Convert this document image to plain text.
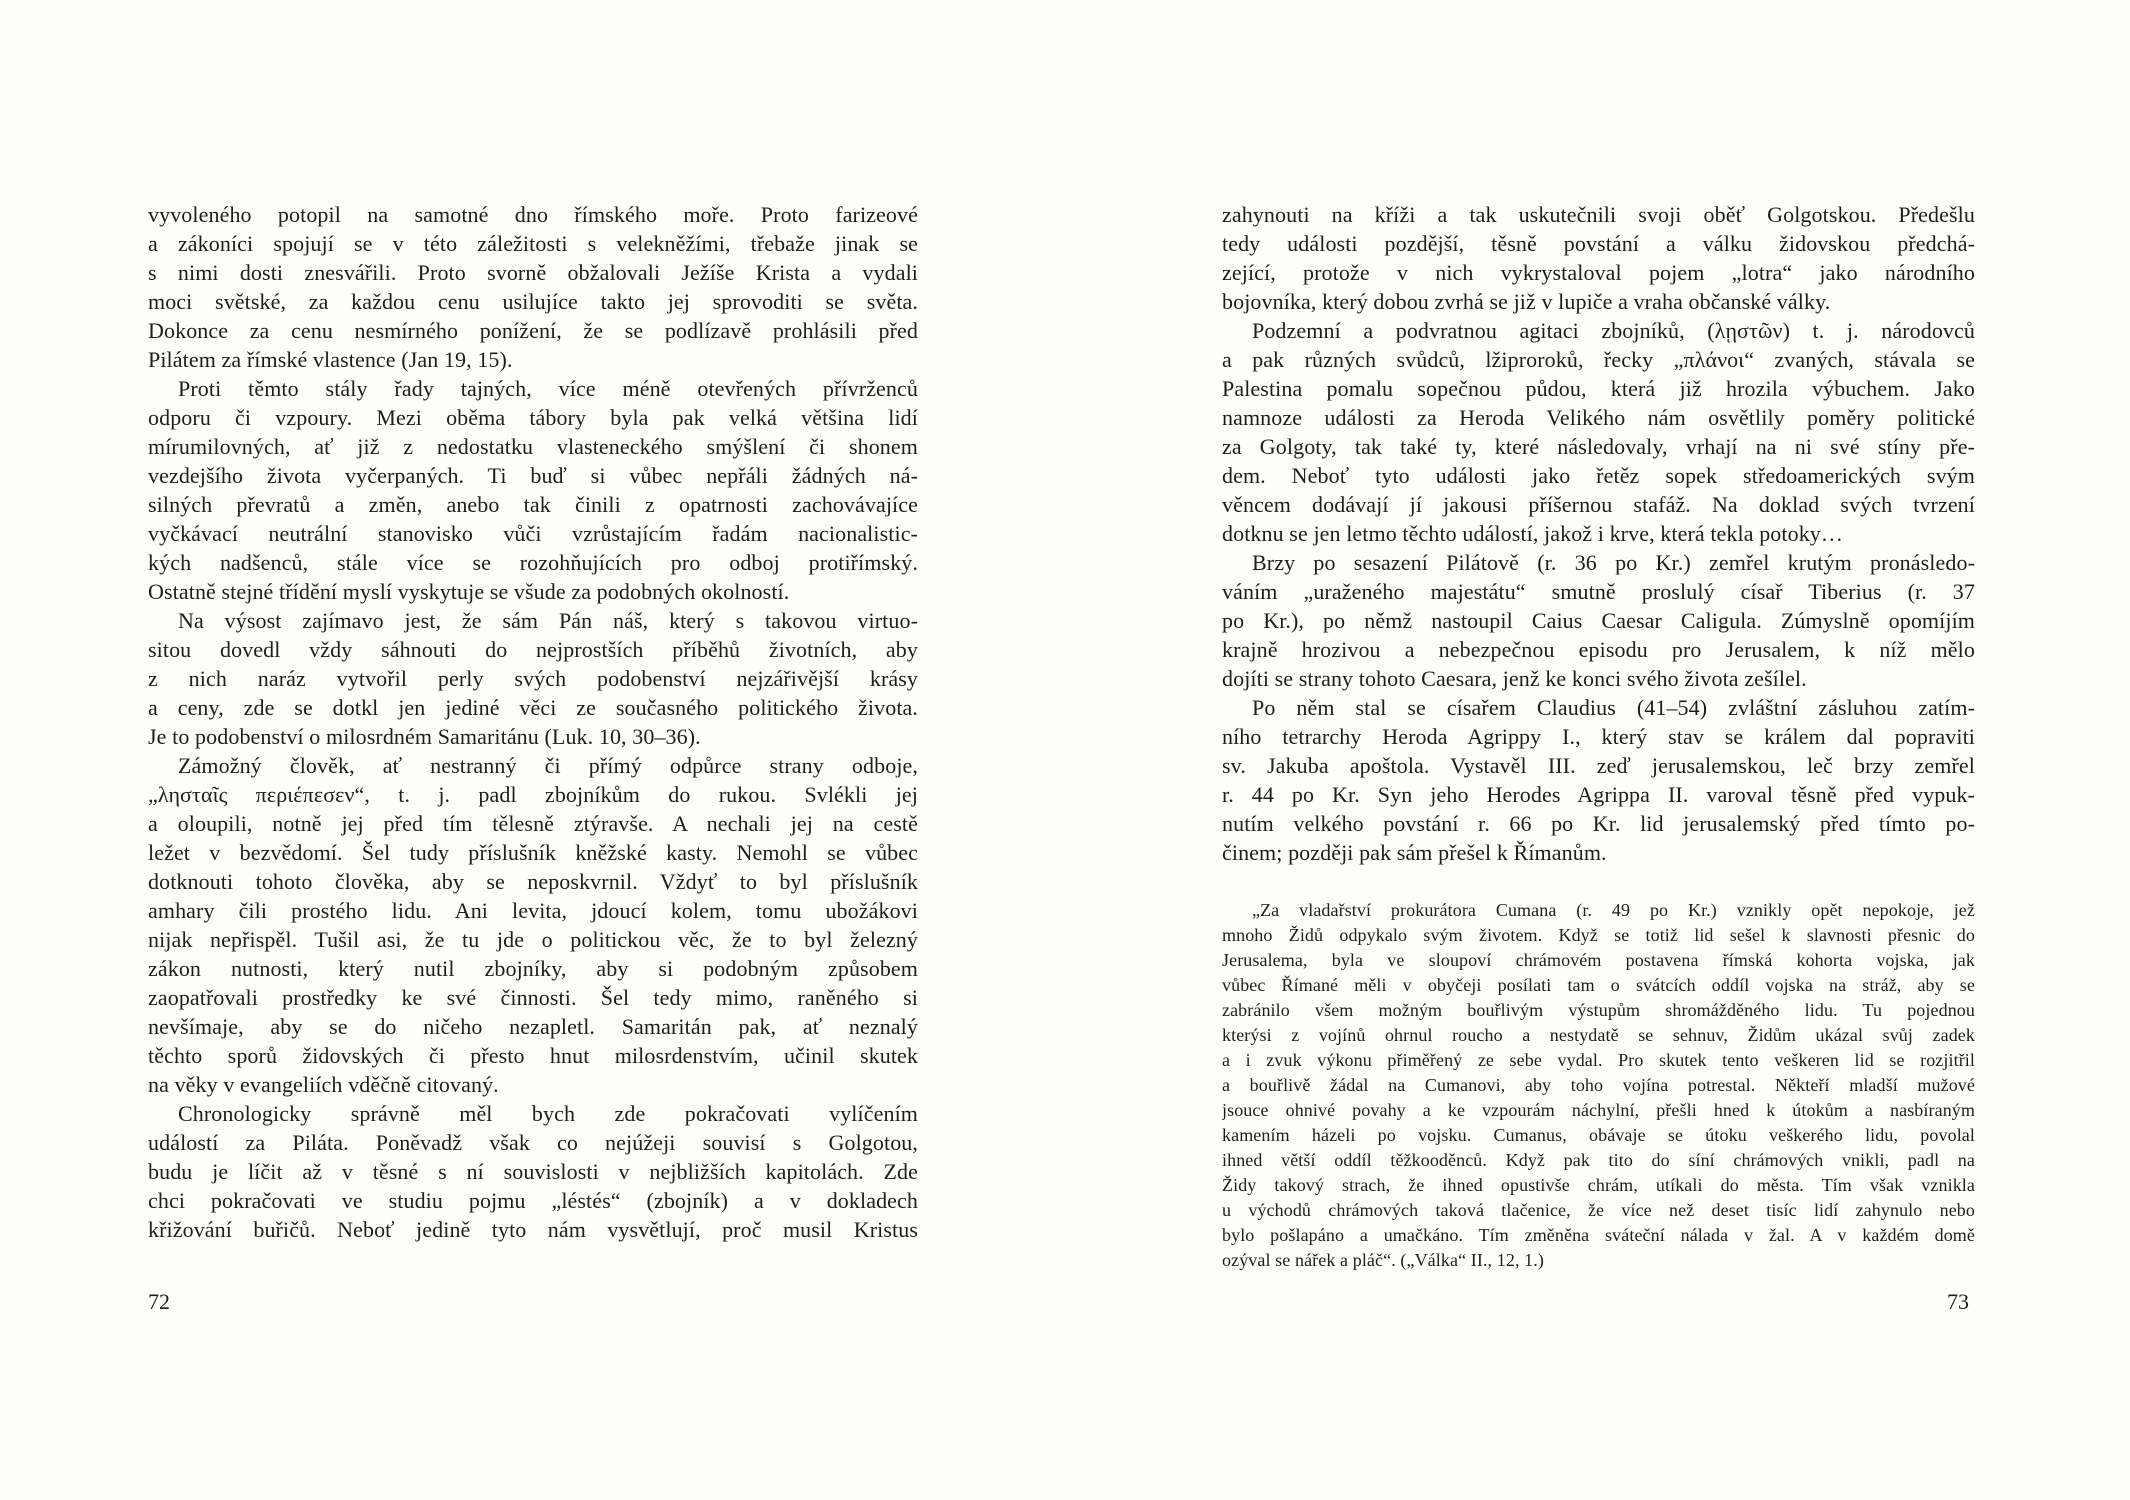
vyvoleného potopil na samotné dno římského moře. Proto farizeové
a zákoníci spojují se v této záležitosti s velekněžími, třebaže jinak se
s nimi dosti znesvářili. Proto svorně obžalovali Ježíše Krista a vydali
moci světské, za každou cenu usilujíce takto jej sprovoditi se světa.
Dokonce za cenu nesmírného ponížení, že se podlízavě prohlásili před
Pilátem za římské vlastence (Jan 19, 15).
Proti těmto stály řady tajných, více méně otevřených přívrženců
odporu či vzpoury. Mezi oběma tábory byla pak velká většina lidí
mírumilovných, ať již z nedostatku vlasteneckého smýšlení či shonem
vezdejšího života vyčerpaných. Ti buď si vůbec nepřáli žádných ná-
silných převratů a změn, anebo tak činili z opatrnosti zachovávajíce
vyčkávací neutrální stanovisko vůči vzrůstajícím řadám nacionalistic-
kých nadšenců, stále více se rozohňujících pro odboj protiřímský.
Ostatně stejné třídění myslí vyskytuje se všude za podobných okolností.
Na výsost zajímavo jest, že sám Pán náš, který s takovou virtuo-
sitou dovedl vždy sáhnouti do nejprostších příběhů životních, aby
z nich naráz vytvořil perly svých podobenství nejzářivější krásy
a ceny, zde se dotkl jen jediné věci ze současného politického života.
Je to podobenství o milosrdném Samaritánu (Luk. 10, 30–36).
Zámožný člověk, ať nestranný či přímý odpůrce strany odboje,
„λησταῖς περιέπεσεν“, t. j. padl zbojníkům do rukou. Svlékli jej
a oloupili, notně jej před tím tělesně ztýravše. A nechali jej na cestě
ležet v bezvědomí. Šel tudy příslušník kněžské kasty. Nemohl se vůbec
dotknouti tohoto člověka, aby se neposkvrnil. Vždyť to byl příslušník
amhary čili prostého lidu. Ani levita, jdoucí kolem, tomu ubožákovi
nijak nepřispěl. Tušil asi, že tu jde o politickou věc, že to byl železný
zákon nutnosti, který nutil zbojníky, aby si podobným způsobem
zaopatřovali prostředky ke své činnosti. Šel tedy mimo, raněného si
nevšímaje, aby se do ničeho nezapletl. Samaritán pak, ať neznalý
těchto sporů židovských či přesto hnut milosrdenstvím, učinil skutek
na věky v evangeliích vděčně citovaný.
Chronologicky správně měl bych zde pokračovati vylíčením
událostí za Piláta. Poněvadž však co nejúžeji souvisí s Golgotou,
budu je líčit až v těsné s ní souvislosti v nejbližších kapitolách. Zde
chci pokračovati ve studiu pojmu „léstés“ (zbojník) a v dokladech
křižování buřičů. Neboť jedině tyto nám vysvětlují, proč musil Kristus
72
zahynouti na kříži a tak uskutečnili svoji oběť Golgotskou. Předešlu
tedy události pozdější, těsně povstání a válku židovskou předchá-
zející, protože v nich vykrystaloval pojem „lotra“ jako národního
bojovníka, který dobou zvrhá se již v lupiče a vraha občanské války.
Podzemní a podvratnou agitaci zbojníků, (λῃστῶν) t. j. národovců
a pak různých svůdců, lžiproroků, řecky „πλάνοι“ zvaných, stávala se
Palestina pomalu sopečnou půdou, která již hrozila výbuchem. Jako
namnoze události za Heroda Velikého nám osvětlily poměry politické
za Golgoty, tak také ty, které následovaly, vrhají na ni své stíny pře-
dem. Neboť tyto události jako řetěz sopek středoamerických svým
věncem dodávají jí jakousi příšernou stafáž. Na doklad svých tvrzení
dotknu se jen letmo těchto událostí, jakož i krve, která tekla potoky…
Brzy po sesazení Pilátově (r. 36 po Kr.) zemřel krutým pronásledo-
váním „uraženého majestátu“ smutně proslulý císař Tiberius (r. 37
po Kr.), po němž nastoupil Caius Caesar Caligula. Zúmyslně opomíjím
krajně hrozivou a nebezpečnou episodu pro Jerusalem, k níž mělo
dojíti se strany tohoto Caesara, jenž ke konci svého života zešílel.
Po něm stal se císařem Claudius (41–54) zvláštní zásluhou zatím-
ního tetrarchy Heroda Agrippy I., který stav se králem dal popraviti
sv. Jakuba apoštola. Vystavěl III. zeď jerusalemskou, leč brzy zemřel
r. 44 po Kr. Syn jeho Herodes Agrippa II. varoval těsně před vypuk-
nutím velkého povstání r. 66 po Kr. lid jerusalemský před tímto po-
činem; později pak sám přešel k Římanům.
„Za vladařství prokurátora Cumana (r. 49 po Kr.) vznikly opět nepokoje, jež
mnoho Židů odpykalo svým životem. Když se totiž lid sešel k slavnosti přesnic do
Jerusalema, byla ve sloupoví chrámovém postavena římská kohorta vojska, jak
vůbec Římané měli v obyčeji posílati tam o svátcích oddíl vojska na stráž, aby se
zabránilo všem možným bouřlivým výstupům shromážděného lidu. Tu pojednou
kterýsi z vojínů ohrnul roucho a nestydatě se sehnuv, Židům ukázal svůj zadek
a i zvuk výkonu přiměřený ze sebe vydal. Pro skutek tento veškeren lid se rozjitřil
a bouřlivě žádal na Cumanovi, aby toho vojína potrestal. Někteří mladší mužové
jsouce ohnivé povahy a ke vzpourám náchylní, přešli hned k útokům a nasbíraným
kamením házeli po vojsku. Cumanus, obávaje se útoku veškerého lidu, povolal
ihned větší oddíl těžkooděnců. Když pak tito do síní chrámových vnikli, padl na
Židy takový strach, že ihned opustivše chrám, utíkali do města. Tím však vznikla
u východů chrámových taková tlačenice, že více než deset tisíc lidí zahynulo nebo
bylo pošlapáno a umačkáno. Tím změněna sváteční nálada v žal. A v každém domě
ozýval se nářek a pláč“. („Válka“ II., 12, 1.)
73
